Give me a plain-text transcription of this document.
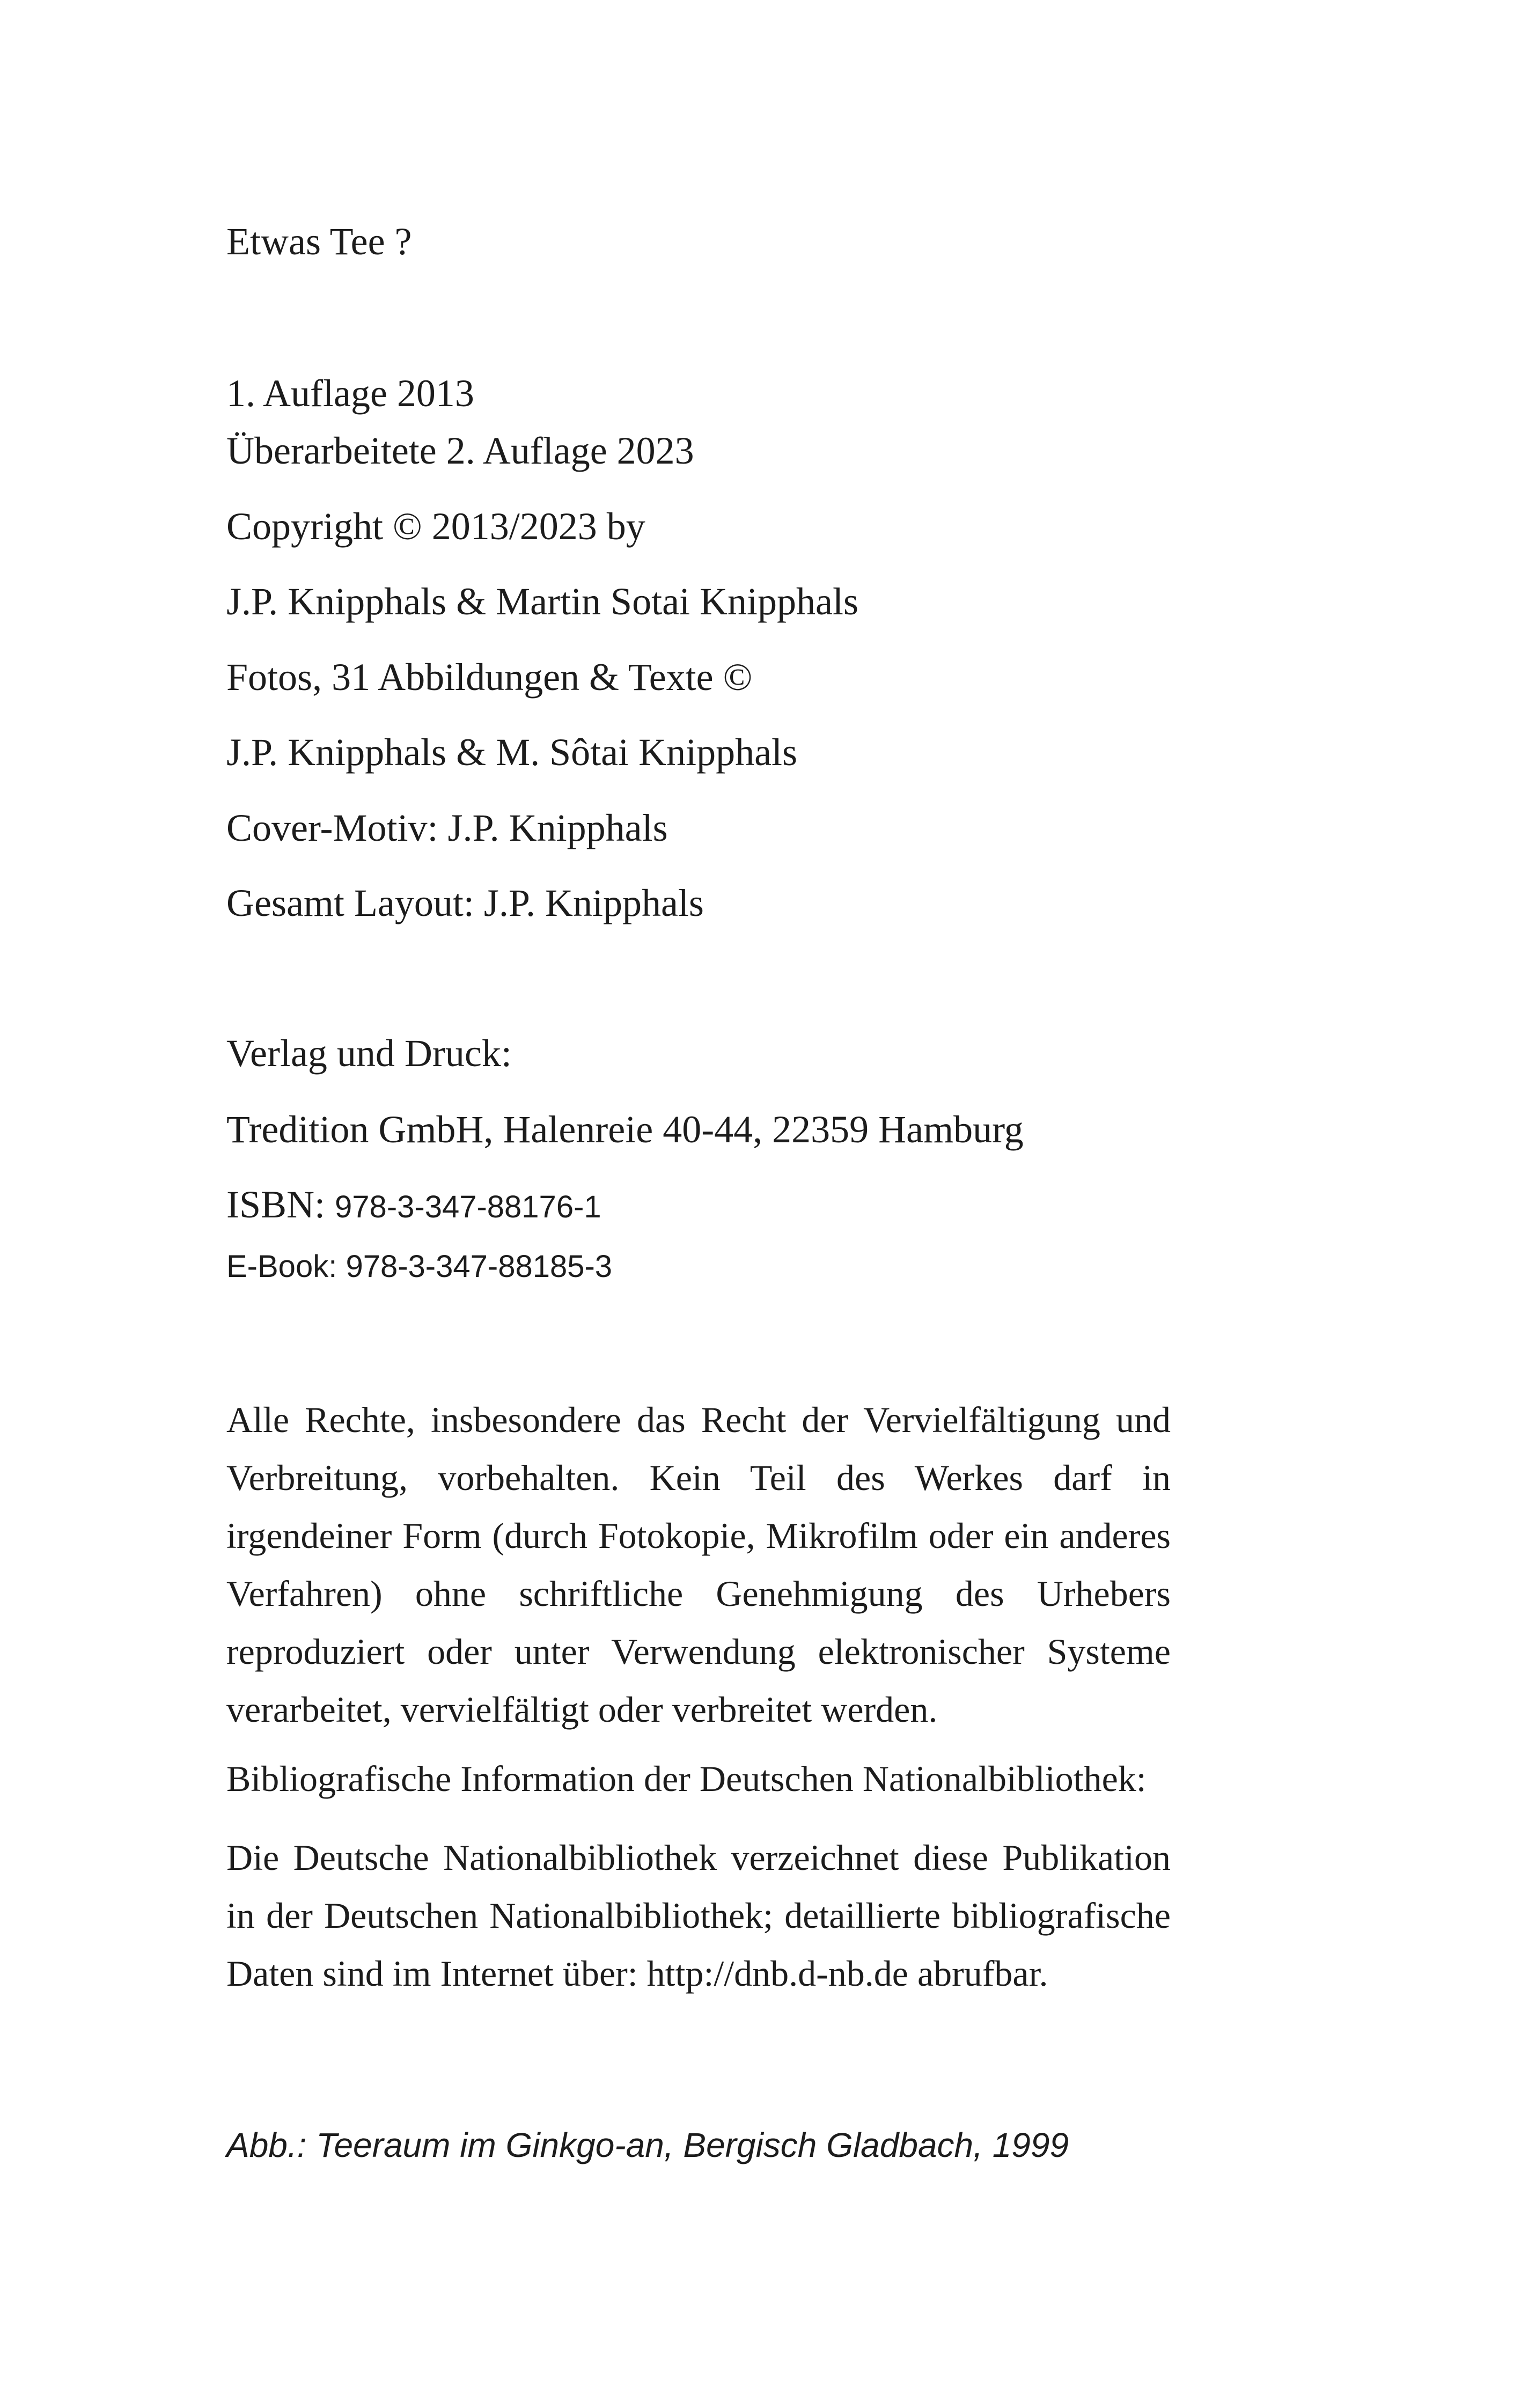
Etwas Tee ?
1. Auflage 2013
Überarbeitete 2. Auflage 2023
Copyright © 2013/2023 by
J.P. Knipphals & Martin Sotai Knipphals
Fotos, 31 Abbildungen & Texte ©
J.P. Knipphals & M. Sôtai Knipphals
Cover-Motiv: J.P. Knipphals
Gesamt Layout: J.P. Knipphals
Verlag und Druck:
Tredition GmbH, Halenreie 40-44, 22359 Hamburg
ISBN: 978-3-347-88176-1
E-Book: 978-3-347-88185-3

Alle Rechte, insbesondere das Recht der Vervielfältigung und Verbreitung, vorbehalten. Kein Teil des Werkes darf in irgendeiner Form (durch Fotokopie, Mikrofilm oder ein anderes Verfahren) ohne schriftliche Genehmigung des Urhebers reproduziert oder unter Verwendung elektronischer Systeme verarbeitet, vervielfältigt oder verbreitet werden.

Bibliografische Information der Deutschen Nationalbibliothek:

Die Deutsche Nationalbibliothek verzeichnet diese Publikation in der Deutschen Nationalbibliothek; detaillierte bibliografische Daten sind im Internet über: http://dnb.d-nb.de abrufbar.

Abb.: Teeraum im Ginkgo-an, Bergisch Gladbach, 1999
